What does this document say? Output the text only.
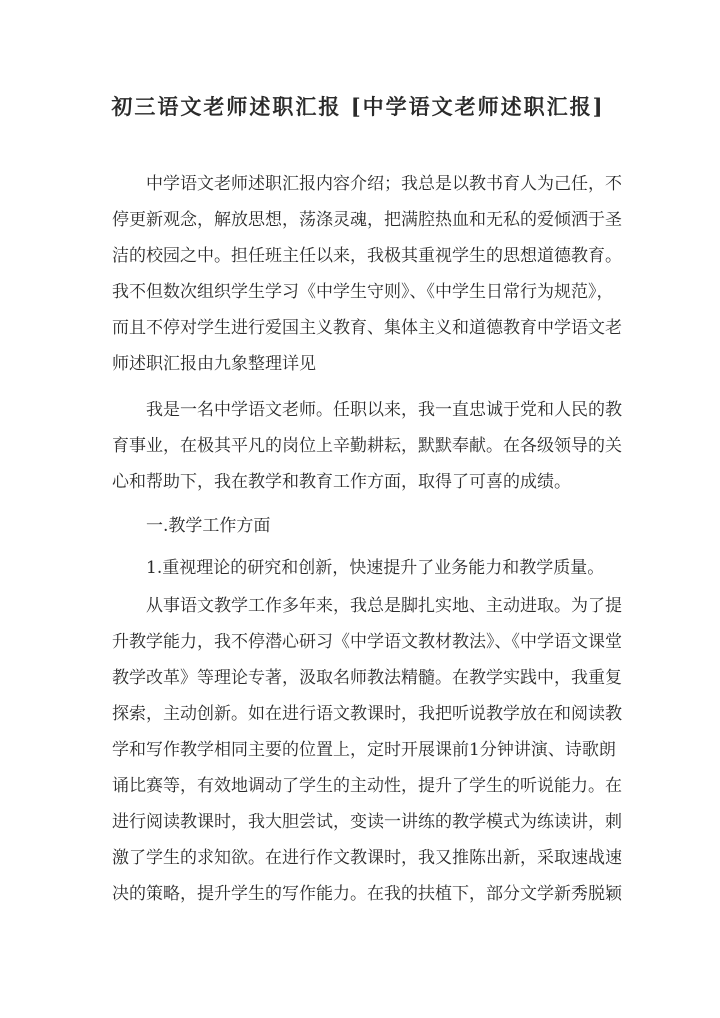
初三语文老师述职汇报 [中学语文老师述职汇报]
中学语文老师述职汇报内容介绍；我总是以教书育人为己任，不
停更新观念，解放思想，荡涤灵魂，把满腔热血和无私的爱倾洒于圣
洁的校园之中。担任班主任以来，我极其重视学生的思想道德教育。
我不但数次组织学生学习《中学生守则》、《中学生日常行为规范》，
而且不停对学生进行爱国主义教育、集体主义和道德教育中学语文老
师述职汇报由九象整理详见
我是一名中学语文老师。任职以来，我一直忠诚于党和人民的教
育事业，在极其平凡的岗位上辛勤耕耘，默默奉献。在各级领导的关
心和帮助下，我在教学和教育工作方面，取得了可喜的成绩。
一.教学工作方面
1.重视理论的研究和创新，快速提升了业务能力和教学质量。
从事语文教学工作多年来，我总是脚扎实地、主动进取。为了提
升教学能力，我不停潜心研习《中学语文教材教法》、《中学语文课堂
教学改革》等理论专著，汲取名师教法精髓。在教学实践中，我重复
探索，主动创新。如在进行语文教课时，我把听说教学放在和阅读教
学和写作教学相同主要的位置上，定时开展课前1分钟讲演、诗歌朗
诵比赛等，有效地调动了学生的主动性，提升了学生的听说能力。在
进行阅读教课时，我大胆尝试，变读一讲练的教学模式为练读讲，刺
激了学生的求知欲。在进行作文教课时，我又推陈出新，采取速战速
决的策略，提升学生的写作能力。在我的扶植下，部分文学新秀脱颖
